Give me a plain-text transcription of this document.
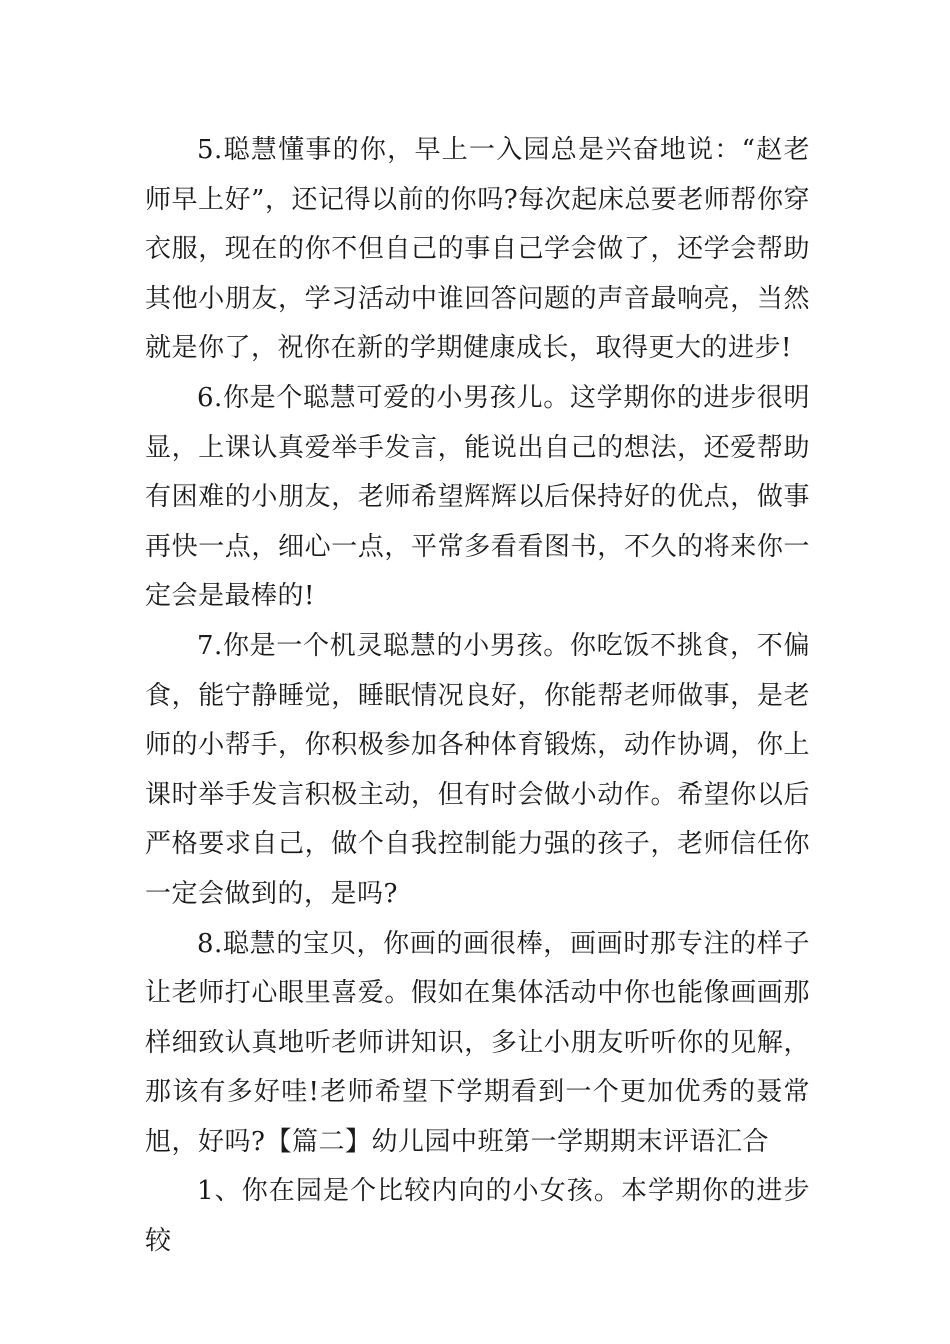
5.聪慧懂事的你，早上一入园总是兴奋地说：“赵老师早上好”，还记得以前的你吗?每次起床总要老师帮你穿衣服，现在的你不但自己的事自己学会做了，还学会帮助其他小朋友，学习活动中谁回答问题的声音最响亮，当然就是你了，祝你在新的学期健康成长，取得更大的进步!

6.你是个聪慧可爱的小男孩儿。这学期你的进步很明显，上课认真爱举手发言，能说出自己的想法，还爱帮助有困难的小朋友，老师希望辉辉以后保持好的优点，做事再快一点，细心一点，平常多看看图书，不久的将来你一定会是最棒的!

7.你是一个机灵聪慧的小男孩。你吃饭不挑食，不偏食，能宁静睡觉，睡眠情况良好，你能帮老师做事，是老师的小帮手，你积极参加各种体育锻炼，动作协调，你上课时举手发言积极主动，但有时会做小动作。希望你以后严格要求自己，做个自我控制能力强的孩子，老师信任你一定会做到的，是吗?

8.聪慧的宝贝，你画的画很棒，画画时那专注的样子让老师打心眼里喜爱。假如在集体活动中你也能像画画那样细致认真地听老师讲知识，多让小朋友听听你的见解，那该有多好哇!老师希望下学期看到一个更加优秀的聂常旭，好吗?【篇二】幼儿园中班第一学期期末评语汇合

1、你在园是个比较内向的小女孩。本学期你的进步较
